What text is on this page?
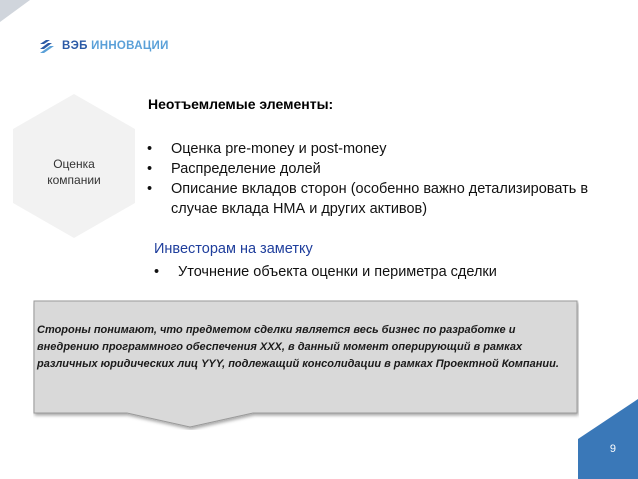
ВЭБ ИННОВАЦИИ
Оценка
компании
Неотъемлемые элементы:
• Оценка pre-money и post-money
• Распределение долей
• Описание вкладов сторон (особенно важно детализировать в случае вклада НМА и других активов)
Инвесторам на заметку
• Уточнение объекта оценки и периметра сделки
Стороны понимают, что предметом сделки является весь бизнес по разработке и внедрению программного обеспечения XXX, в данный момент оперирующий в рамках различных юридических лиц YYY, подлежащий консолидации в рамках Проектной Компании.
9
